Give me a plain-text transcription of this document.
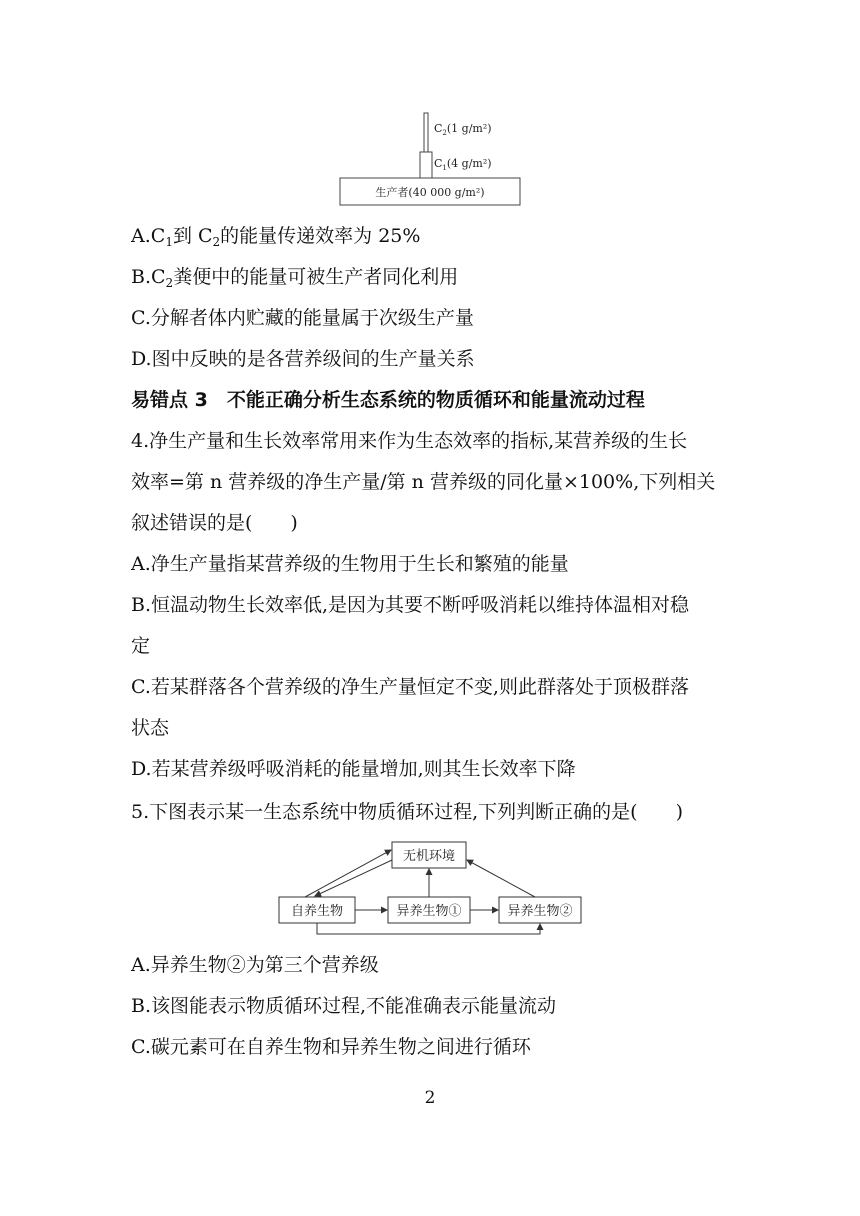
$C_2(1$ g/m²)
$C_1(4$ g/m²)
生产者(40 000 g/m²)
$A.C_1$到 $C_2$的能量传递效率为 25%
$B.C_2$粪便中的能量可被生产者同化利用
C.分解者体内贮藏的能量属于次级生产量
D.图中反映的是各营养级间的生产量关系
易错点 3　不能正确分析生态系统的物质循环和能量流动过程
4.净生产量和生长效率常用来作为生态效率的指标,某营养级的生长
效率=第 n 营养级的净生产量/第 n 营养级的同化量×100%,下列相关
叙述错误的是(　　)
A.净生产量指某营养级的生物用于生长和繁殖的能量
B.恒温动物生长效率低,是因为其要不断呼吸消耗以维持体温相对稳
定
C.若某群落各个营养级的净生产量恒定不变,则此群落处于顶极群落
状态
D.若某营养级呼吸消耗的能量增加,则其生长效率下降
5.下图表示某一生态系统中物质循环过程,下列判断正确的是(　　)
无机环境
自养生物	异养生物①	异养生物②
A.异养生物②为第三个营养级
B.该图能表示物质循环过程,不能准确表示能量流动
C.碳元素可在自养生物和异养生物之间进行循环
2
